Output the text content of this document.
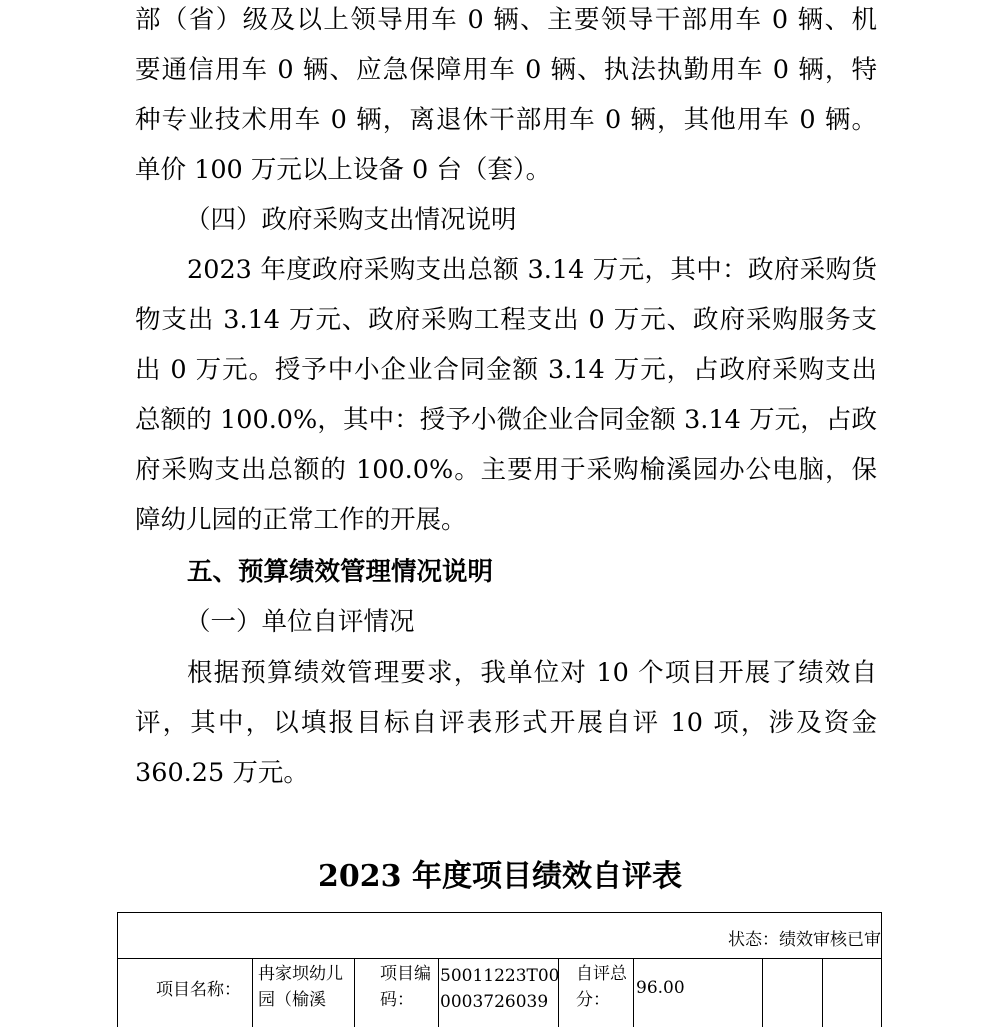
部（省）级及以上领导用车 0 辆、主要领导干部用车 0 辆、机
要通信用车 0 辆、应急保障用车 0 辆、执法执勤用车 0 辆，特
种专业技术用车 0 辆，离退休干部用车 0 辆，其他用车 0 辆。
单价 100 万元以上设备 0 台（套）。
（四）政府采购支出情况说明
2023 年度政府采购支出总额 3.14 万元，其中：政府采购货
物支出 3.14 万元、政府采购工程支出 0 万元、政府采购服务支
出 0 万元。授予中小企业合同金额 3.14 万元，占政府采购支出
总额的 100.0%，其中：授予小微企业合同金额 3.14 万元，占政
府采购支出总额的 100.0%。主要用于采购榆溪园办公电脑，保
障幼儿园的正常工作的开展。
五、预算绩效管理情况说明
（一）单位自评情况
根据预算绩效管理要求，我单位对 10 个项目开展了绩效自
评，其中，以填报目标自评表形式开展自评 10 项，涉及资金
360.25 万元。
2023 年度项目绩效自评表
状态：绩效审核已审
项目名称：
冉家坝幼儿
园（榆溪
项目编
码：
50011223T00
0003726039
自评总
分：
96.00
